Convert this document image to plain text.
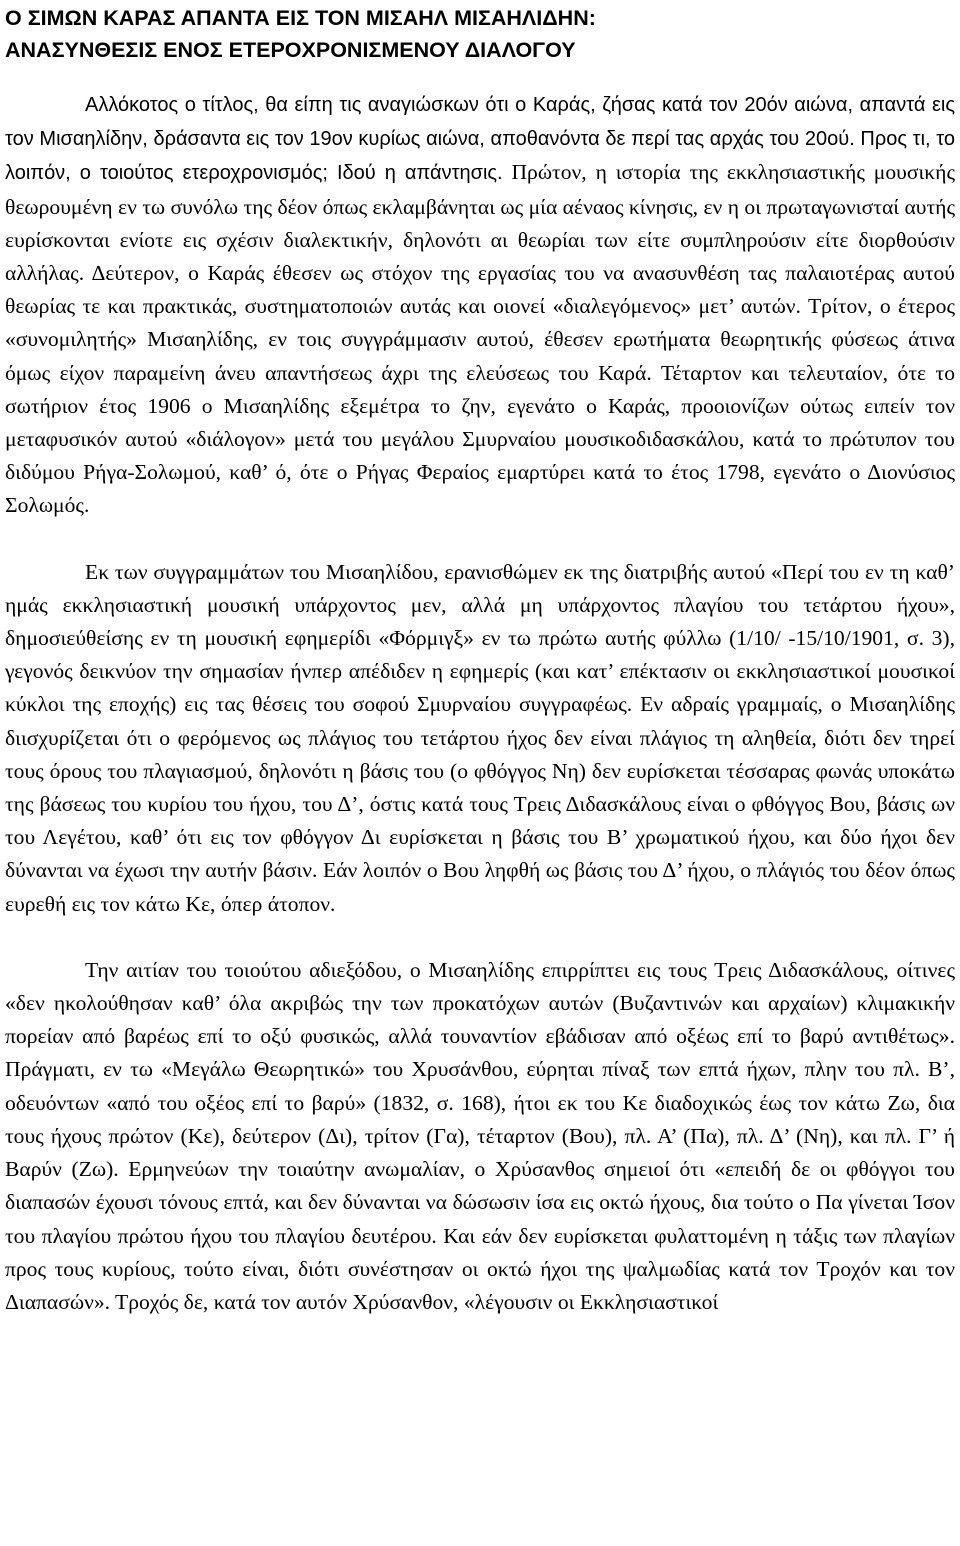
Ο ΣΙΜΩΝ ΚΑΡΑΣ ΑΠΑΝΤΑ ΕΙΣ ΤΟΝ ΜΙΣΑΗΛ ΜΙΣΑΗΛΙΔΗΝ:
ΑΝΑΣΥΝΘΕΣΙΣ ΕΝΟΣ ΕΤΕΡΟΧΡΟΝΙΣΜΕΝΟΥ ΔΙΑΛΟΓΟΥ

Αλλόκοτος ο τίτλος, θα είπη τις αναγιώσκων ότι ο Καράς, ζήσας κατά τον 20όν αιώνα, απαντά εις τον Μισαηλίδην, δράσαντα εις τον 19ον κυρίως αιώνα, αποθανόντα δε περί τας αρχάς του 20ού. Προς τι, το λοιπόν, ο τοιούτος ετεροχρονισμός; Ιδού η απάντησις. Πρώτον, η ιστορία της εκκλησιαστικής μουσικής θεωρουμένη εν τω συνόλω της δέον όπως εκλαμβάνηται ως μία αέναος κίνησις, εν η οι πρωταγωνισταί αυτής ευρίσκονται ενίοτε εις σχέσιν διαλεκτικήν, δηλονότι αι θεωρίαι των είτε συμπληρούσιν είτε διορθούσιν αλλήλας. Δεύτερον, ο Καράς έθεσεν ως στόχον της εργασίας του να ανασυνθέση τας παλαιοτέρας αυτού θεωρίας τε και πρακτικάς, συστηματοποιών αυτάς και οιονεί «διαλεγόμενος» μετ’ αυτών. Τρίτον, ο έτερος «συνομιλητής» Μισαηλίδης, εν τοις συγγράμμασιν αυτού, έθεσεν ερωτήματα θεωρητικής φύσεως άτινα όμως είχον παραμείνη άνευ απαντήσεως άχρι της ελεύσεως του Καρά. Τέταρτον και τελευταίον, ότε το σωτήριον έτος 1906 ο Μισαηλίδης εξεμέτρα το ζην, εγενάτο ο Καράς, προοιονίζων ούτως ειπείν τον μεταφυσικόν αυτού «διάλογον» μετά του μεγάλου Σμυρναίου μουσικοδιδασκάλου, κατά το πρώτυπον του διδύμου Ρήγα-Σολωμού, καθ’ ό, ότε ο Ρήγας Φεραίος εμαρτύρει κατά το έτος 1798, εγενάτο ο Διονύσιος Σολωμός.

Εκ των συγγραμμάτων του Μισαηλίδου, ερανισθώμεν εκ της διατριβής αυτού «Περί του εν τη καθ’ ημάς εκκλησιαστική μουσική υπάρχοντος μεν, αλλά μη υπάρχοντος πλαγίου του τετάρτου ήχου», δημοσιεύθείσης εν τη μουσική εφημερίδι «Φόρμιγξ» εν τω πρώτω αυτής φύλλω (1/10/ -15/10/1901, σ. 3), γεγονός δεικνύον την σημασίαν ήνπερ απέδιδεν η εφημερίς (και κατ’ επέκτασιν οι εκκλησιαστικοί μουσικοί κύκλοι της εποχής) εις τας θέσεις του σοφού Σμυρναίου συγγραφέως. Εν αδραίς γραμμαίς, ο Μισαηλίδης διισχυρίζεται ότι ο φερόμενος ως πλάγιος του τετάρτου ήχος δεν είναι πλάγιος τη αληθεία, διότι δεν τηρεί τους όρους του πλαγιασμού, δηλονότι η βάσις του (ο φθόγγος Νη) δεν ευρίσκεται τέσσαρας φωνάς υποκάτω της βάσεως του κυρίου του ήχου, του Δ’, όστις κατά τους Τρεις Διδασκάλους είναι ο φθόγγος Βου, βάσις ων του Λεγέτου, καθ’ ότι εις τον φθόγγον Δι ευρίσκεται η βάσις του Β’ χρωματικού ήχου, και δύο ήχοι δεν δύνανται να έχωσι την αυτήν βάσιν. Εάν λοιπόν ο Βου ληφθή ως βάσις του Δ’ ήχου, ο πλάγιός του δέον όπως ευρεθή εις τον κάτω Κε, όπερ άτοπον.

Την αιτίαν του τοιούτου αδιεξόδου, ο Μισαηλίδης επιρρίπτει εις τους Τρεις Διδασκάλους, οίτινες «δεν ηκολούθησαν καθ’ όλα ακριβώς την των προκατόχων αυτών (Βυζαντινών και αρχαίων) κλιμακικήν πορείαν από βαρέως επί το οξύ φυσικώς, αλλά τουναντίον εβάδισαν από οξέως επί το βαρύ αντιθέτως». Πράγματι, εν τω «Μεγάλω Θεωρητικώ» του Χρυσάνθου, εύρηται πίναξ των επτά ήχων, πλην του πλ. Β’, οδευόντων «από του οξέος επί το βαρύ» (1832, σ. 168), ήτοι εκ του Κε διαδοχικώς έως τον κάτω Ζω, δια τους ήχους πρώτον (Κε), δεύτερον (Δι), τρίτον (Γα), τέταρτον (Βου), πλ. Α’ (Πα), πλ. Δ’ (Νη), και πλ. Γ’ ή Βαρύν (Ζω). Ερμηνεύων την τοιαύτην ανωμαλίαν, ο Χρύσανθος σημειοί ότι «επειδή δε οι φθόγγοι του διαπασών έχουσι τόνους επτά, και δεν δύνανται να δώσωσιν ίσα εις οκτώ ήχους, δια τούτο ο Πα γίνεται Ίσον του πλαγίου πρώτου ήχου του πλαγίου δευτέρου. Και εάν δεν ευρίσκεται φυλαττομένη η τάξις των πλαγίων προς τους κυρίους, τούτο είναι, διότι συνέστησαν οι οκτώ ήχοι της ψαλμωδίας κατά τον Τροχόν και τον Διαπασών». Τροχός δε, κατά τον αυτόν Χρύσανθον, «λέγουσιν οι Εκκλησιαστικοί
